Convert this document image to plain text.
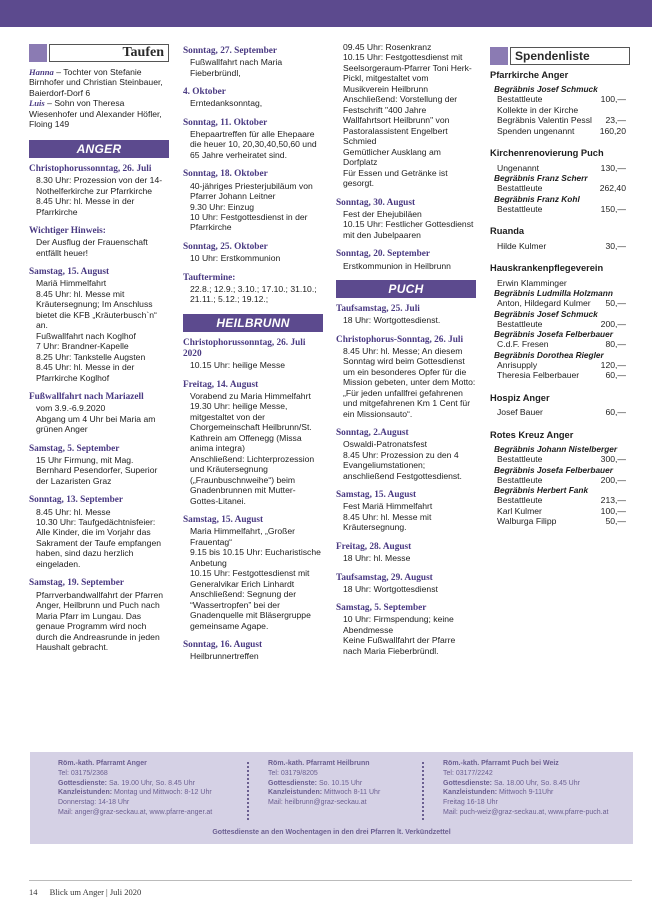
Taufen
Hanna – Tochter von Stefanie Birnhofer und Christian Steinbauer, Baierdorf-Dorf 6
Luis – Sohn von Theresa Wiesenhofer und Alexander Höfler, Floing 149
ANGER
Christophorussonntag, 26. Juli
8.30 Uhr: Prozession von der 14-Nothelferkirche zur Pfarrkirche
8.45 Uhr: hl. Messe in der Pfarrkirche
Wichtiger Hinweis:
Der Ausflug der Frauenschaft entfällt heuer!
Samstag, 15. August
Mariä Himmelfahrt
8.45 Uhr: hl. Messe mit Kräutersegnung; Im Anschluss bietet die KFB „Kräuterbusch`n“ an.
Fußwallfahrt nach Koglhof
7 Uhr: Brandner-Kapelle
8.25 Uhr: Tankstelle Augsten
8.45 Uhr: hl. Messe in der Pfarrkirche Koglhof
Fußwallfahrt nach Mariazell
vom 3.9.-6.9.2020
Abgang um 4 Uhr bei Maria am grünen Anger
Samstag, 5. September
15 Uhr Firmung, mit Mag. Bernhard Pesendorfer, Superior der Lazaristen Graz
Sonntag, 13. September
8.45 Uhr: hl. Messe
10.30 Uhr: Taufgedächtnisfeier: Alle Kinder, die im Vorjahr das Sakrament der Taufe empfangen haben, sind dazu herzlich eingeladen.
Samstag, 19. September
Pfarrverbandwallfahrt der Pfarren Anger, Heilbrunn und Puch nach Maria Pfarr im Lungau. Das genaue Programm wird noch durch die Andreasrunde in jeden Haushalt gebracht.
Sonntag, 27. September
Fußwallfahrt nach Maria Fieberbründl,
4. Oktober
Erntedanksonntag,
Sonntag, 11. Oktober
Ehepaartreffen für alle Ehepaare die heuer 10, 20,30,40,50,60 und 65 Jahre verheiratet sind.
Sonntag, 18. Oktober
40-jähriges Priesterjubiläum von Pfarrer Johann Leitner
9.30 Uhr: Einzug
10 Uhr: Festgottesdienst in der Pfarrkirche
Sonntag, 25. Oktober
10 Uhr: Erstkommunion
Tauftermine:
22.8.; 12.9.; 3.10.; 17.10.; 31.10.; 21.11.; 5.12.; 19.12.;
HEILBRUNN
Christophorussonntag, 26. Juli 2020
10.15 Uhr: heilige Messe
Freitag, 14. August
Vorabend zu Maria Himmelfahrt
19.30 Uhr: heilige Messe, mitgestaltet von der Chorgemeinschaft Heilbrunn/St. Kathrein am Offenegg (Missa anima integra)
Anschließend: Lichterprozession und Kräutersegnung („Fraunbuschnweihe“) beim Gnadenbrunnen mit Mutter-Gottes-Litanei.
Samstag, 15. August
Maria Himmelfahrt, „Großer Frauentag“
9.15 bis 10.15 Uhr: Eucharistische Anbetung
10.15 Uhr: Festgottesdienst mit Generalvikar Erich Linhardt
Anschließend: Segnung der “Wassertropfen” bei der Gnadenquelle mit Bläsergruppe gemeinsame Agape.
Sonntag, 16. August
Heilbrunnertreffen
09.45 Uhr: Rosenkranz
10.15 Uhr: Festgottesdienst mit Seelsorgeraum-Pfarrer Toni Herk-Pickl, mitgestaltet vom Musikverein Heilbrunn
Anschließend: Vorstellung der Festschrift "400 Jahre Wallfahrtsort Heilbrunn" von Pastoralassistent Engelbert Schmied
Gemütlicher Ausklang am Dorfplatz
Für Essen und Getränke ist gesorgt.
Sonntag, 30. August
Fest der Ehejubiläen
10.15 Uhr: Festlicher Gottesdienst mit den Jubelpaaren
Sonntag, 20. September
Erstkommunion in Heilbrunn
PUCH
Taufsamstag, 25. Juli
18 Uhr: Wortgottesdienst.
Christophorus-Sonntag, 26. Juli
8.45 Uhr: hl. Messe; An diesem Sonntag wird beim Gottesdienst um ein besonderes Opfer für die Mission gebeten, unter dem Motto: „Für jeden unfallfrei gefahrenen und mitgefahrenen Km 1 Cent für ein Missionsauto“.
Sonntag, 2.August
Oswaldi-Patronatsfest
8.45 Uhr: Prozession zu den 4 Evangeliumstationen; anschließend Festgottesdienst.
Samstag, 15. August
Fest Mariä Himmelfahrt
8.45 Uhr: hl. Messe mit Kräutersegnung.
Freitag, 28. August
18 Uhr: hl. Messe
Taufsamstag, 29. August
18 Uhr: Wortgottesdienst
Samstag, 5. September
10 Uhr: Firmspendung; keine Abendmesse
Keine Fußwallfahrt der Pfarre nach Maria Fieberbründl.
Spendenliste
Pfarrkirche Anger
Begräbnis Josef Schmuck
Bestattleute	100,—
Kollekte in der Kirche
Begräbnis Valentin Pessl 23,—
Spenden ungenannt	160,20
Kirchenrenovierung Puch
Ungenannt	130,—
Begräbnis Franz Scherr
Bestattleute	262,40
Begräbnis Franz Kohl
Bestattleute	150,—
Ruanda
Hilde Kulmer	30,—
Hauskrankenpflegeverein
Erwin Klamminger
Begräbnis Ludmilla Holzmann
Anton, Hildegard Kulmer 50,—
Begräbnis Josef Schmuck
Bestattleute	200,—
Begräbnis Josefa Felberbauer
C.d.F. Fresen	80,—
Begräbnis Dorothea Riegler
Anrisupply	120,—
Theresia Felberbauer	60,—
Hospiz Anger
Josef Bauer	60,—
Rotes Kreuz Anger
Begräbnis Johann Nistelberger
Bestattleute	300,—
Begräbnis Josefa Felberbauer
Bestattleute	200,—
Begräbnis Herbert Fank
Bestattleute	213,—
Karl Kulmer	100,—
Walburga Filipp	50,—
Röm.-kath. Pfarramt Anger
Tel: 03175/2368
Gottesdienste: Sa. 19.00 Uhr, So. 8.45 Uhr
Kanzleistunden: Montag und Mittwoch: 8-12 Uhr
Donnerstag: 14-18 Uhr
Mail: anger@graz-seckau.at, www.pfarre-anger.at
Röm.-kath. Pfarramt Heilbrunn
Tel: 03179/8205
Gottesdienste: So. 10.15 Uhr
Kanzleistunden: Mittwoch 8-11 Uhr
Mail: heilbrunn@graz-seckau.at
Röm.-kath. Pfarramt Puch bei Weiz
Tel: 03177/2242
Gottesdienste: Sa. 18.00 Uhr, So. 8.45 Uhr
Kanzleistunden: Mittwoch 9-11Uhr
Freitag 16-18 Uhr
Mail: puch-weiz@graz-seckau.at, www.pfarre-puch.at
Gottesdienste an den Wochentagen in den drei Pfarren lt. Verkündzettel
14 Blick um Anger | Juli 2020
